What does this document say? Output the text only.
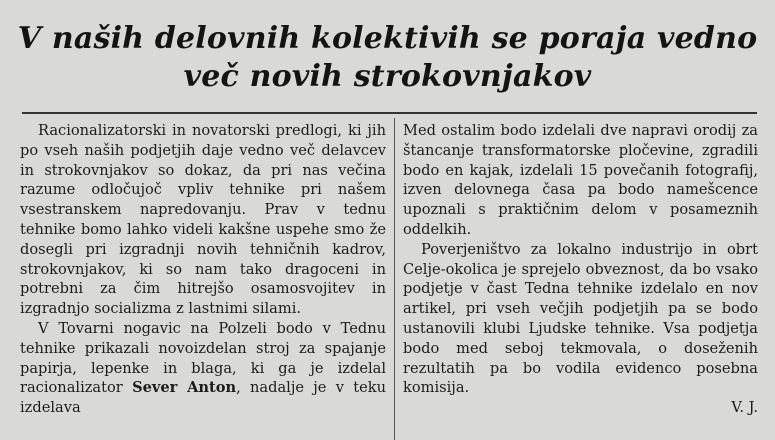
V naših delovnih kolektivih se poraja vedno
več novih strokovnjakov

Racionalizatorski in novatorski predlogi, ki jih po vseh naših podjetjih daje vedno več delavcev in strokovnjakov so dokaz, da pri nas večina razume odločujoč vpliv tehnike pri našem vsestranskem napredovanju. Prav v tednu tehnike bomo lahko videli kakšne uspehe smo že dosegli pri izgradnji novih tehničnih kadrov, strokovnjakov, ki so nam tako dragoceni in potrebni za čim hitrejšo osamosvojitev in izgradnjo socializma z lastnimi silami.

V Tovarni nogavic na Polzeli bodo v Tednu tehnike prikazali novoizdelan stroj za spajanje papirja, lepenke in blaga, ki ga je izdelal racionalizator Sever Anton, nadalje je v teku izdelava

Med ostalim bodo izdelali dve napravi orodij za štancanje transformatorske pločevine, zgradili bodo en kajak, izdelali 15 povečanih fotografij, izven delovnega časa pa bodo namešcence upoznali s praktičnim delom v posameznih oddelkih.

Poverjeništvo za lokalno industrijo in obrt Celje-okolica je sprejelo obveznost, da bo vsako podjetje v čast Tedna tehnike izdelalo en nov artikel, pri vseh večjih podjetjih pa se bodo ustanovili klubi Ljudske tehnike. Vsa podjetja bodo med seboj tekmovala, o doseženih rezultatih pa bo vodila evidenco posebna komisija.
V. J.
